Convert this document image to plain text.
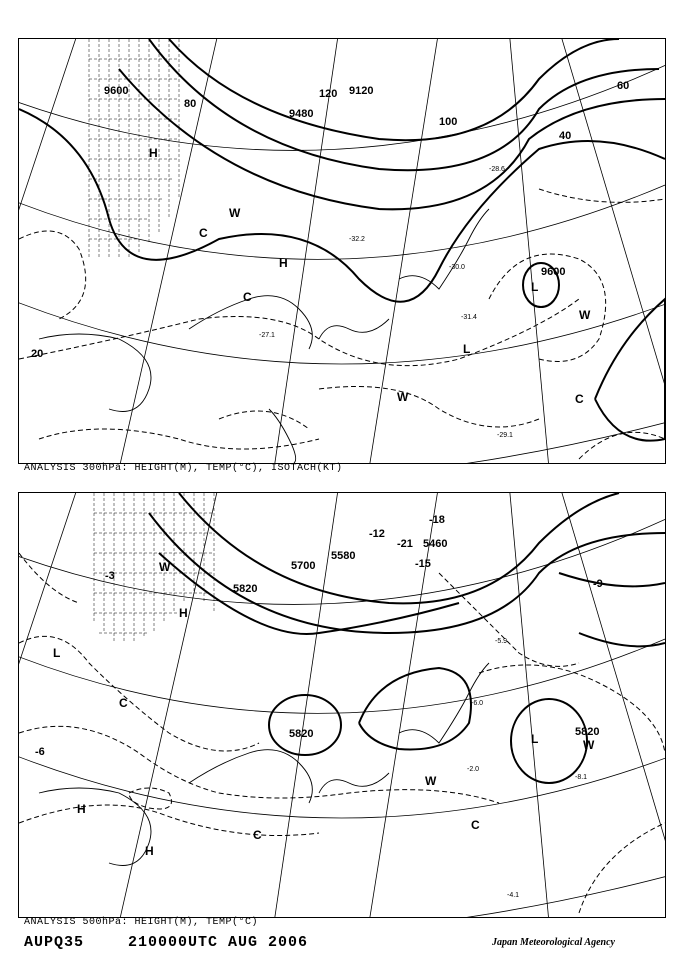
9600
9480
9120
9600
20
40
60
80
100
120
H
H
L
L
W
W
W
C
C
C
-29.1
-30.0
-31.4
-28.6
-27.1
-32.2
ANALYSIS 300hPa: HEIGHT(M), TEMP(°C), ISOTACH(KT)
5820
5700
5580
5460
5820
5820
-3
-6
-9
-12
-15
-18
-21
H
H
H
L
L
W
W
W
C
C
C
-4.1
-2.0
-6.0
-5.9
-8.1
ANALYSIS 500hPa: HEIGHT(M), TEMP(°C)
AUPQ35	210000UTC AUG 2006	Japan Meteorological Agency
